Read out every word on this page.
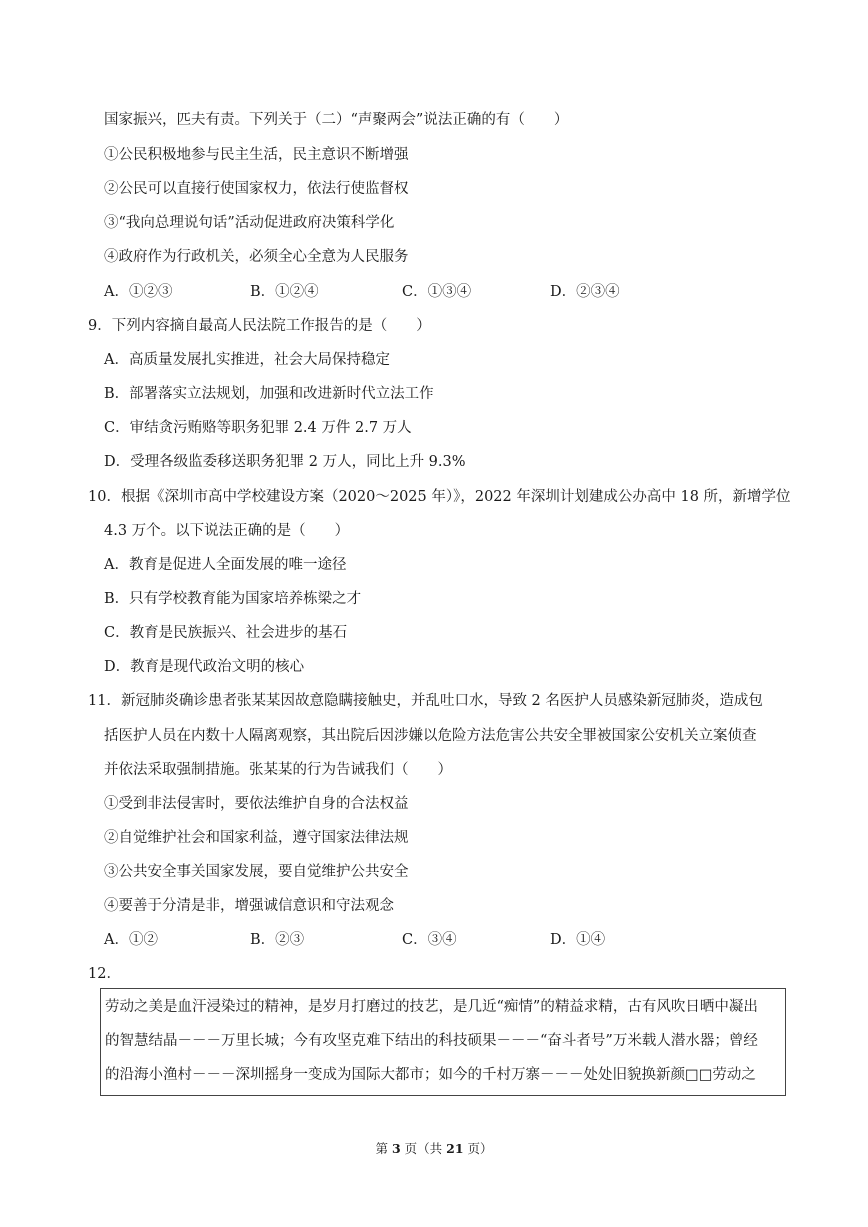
国家振兴，匹夫有责。下列关于（二）“声聚两会”说法正确的有（　　）
①公民积极地参与民主生活，民主意识不断增强
②公民可以直接行使国家权力，依法行使监督权
③“我向总理说句话”活动促进政府决策科学化
④政府作为行政机关，必须全心全意为人民服务
A．①②③	B．①②④	C．①③④	D．②③④
9．下列内容摘自最高人民法院工作报告的是（　　）
A．高质量发展扎实推进，社会大局保持稳定
B．部署落实立法规划，加强和改进新时代立法工作
C．审结贪污贿赂等职务犯罪 2.4 万件 2.7 万人
D．受理各级监委移送职务犯罪 2 万人，同比上升 9.3%
10．根据《深圳市高中学校建设方案（2020～2025 年）》，2022 年深圳计划建成公办高中 18 所，新增学位
4.3 万个。以下说法正确的是（　　）
A．教育是促进人全面发展的唯一途径
B．只有学校教育能为国家培养栋梁之才
C．教育是民族振兴、社会进步的基石
D．教育是现代政治文明的核心
11．新冠肺炎确诊患者张某某因故意隐瞒接触史，并乱吐口水，导致 2 名医护人员感染新冠肺炎，造成包
括医护人员在内数十人隔离观察，其出院后因涉嫌以危险方法危害公共安全罪被国家公安机关立案侦查
并依法采取强制措施。张某某的行为告诫我们（　　）
①受到非法侵害时，要依法维护自身的合法权益
②自觉维护社会和国家利益，遵守国家法律法规
③公共安全事关国家发展，要自觉维护公共安全
④要善于分清是非，增强诚信意识和守法观念
A．①②	B．②③	C．③④	D．①④
12．
劳动之美是血汗浸染过的精神，是岁月打磨过的技艺，是几近“痴情”的精益求精，古有风吹日晒中凝出
的智慧结晶－－－万里长城；今有攻坚克难下结出的科技硕果－－－“奋斗者号”万米载人潜水器；曾经
的沿海小渔村－－－深圳摇身一变成为国际大都市；如今的千村万寨－－－处处旧貌换新颜□□劳动之
第 3 页（共 21 页）
